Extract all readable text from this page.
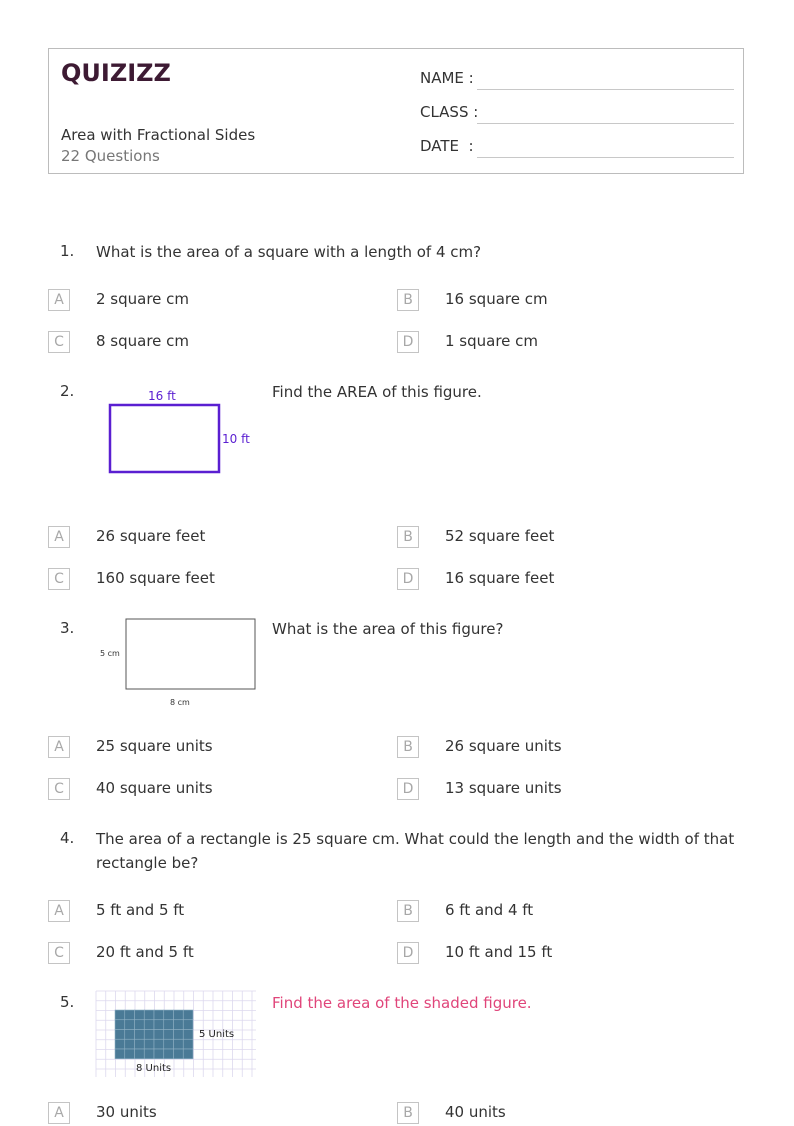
QUIZIZZ
Area with Fractional Sides
22 Questions
NAME :
CLASS :
DATE  :
1. What is the area of a square with a length of 4 cm?
A	2 square cm	B	16 square cm
C	8 square cm	D	1 square cm
2.	16 ft
10 ft
Find the AREA of this figure.
A	26 square feet	B	52 square feet
C	160 square feet	D	16 square feet
3.
5 cm
8 cm
What is the area of this figure?
A	25 square units	B	26 square units
C	40 square units	D	13 square units
4. The area of a rectangle is 25 square cm. What could the length and the width of that rectangle be?
A	5 ft and 5 ft	B	6 ft and 4 ft
C	20 ft and 5 ft	D	10 ft and 15 ft
5.
5 Units
8 Units
Find the area of the shaded figure.
A	30 units	B	40 units
